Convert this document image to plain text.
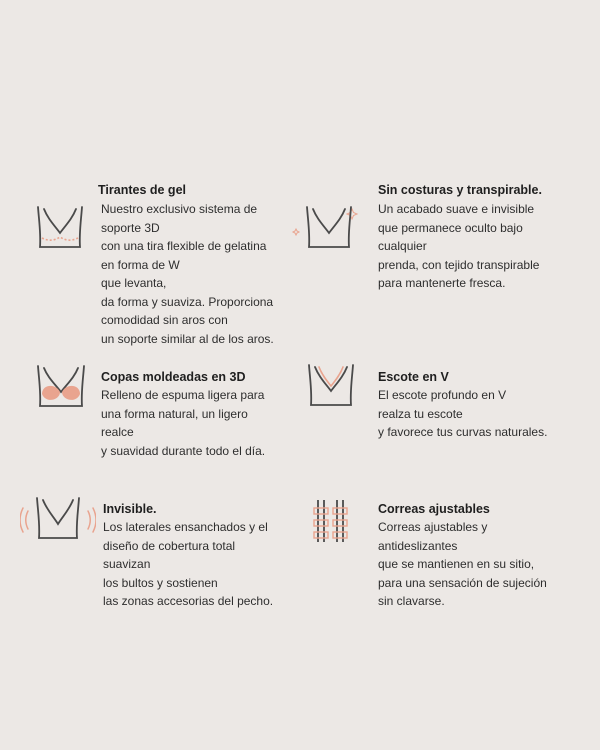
Tirantes de gel
Nuestro exclusivo sistema de
soporte 3D
con una tira flexible de gelatina
en forma de W
que levanta,
da forma y suaviza. Proporciona
comodidad sin aros con
un soporte similar al de los aros.
Sin costuras y transpirable.
Un acabado suave e invisible
que permanece oculto bajo
cualquier
prenda, con tejido transpirable
para mantenerte fresca.
Copas moldeadas en 3D
Relleno de espuma ligera para
una forma natural, un ligero
realce
y suavidad durante todo el día.
Escote en V
El escote profundo en V
realza tu escote
y favorece tus curvas naturales.
Invisible.
Los laterales ensanchados y el
diseño de cobertura total
suavizan
los bultos y sostienen
las zonas accesorias del pecho.
Correas ajustables
Correas ajustables y
antideslizantes
que se mantienen en su sitio,
para una sensación de sujeción
sin clavarse.
